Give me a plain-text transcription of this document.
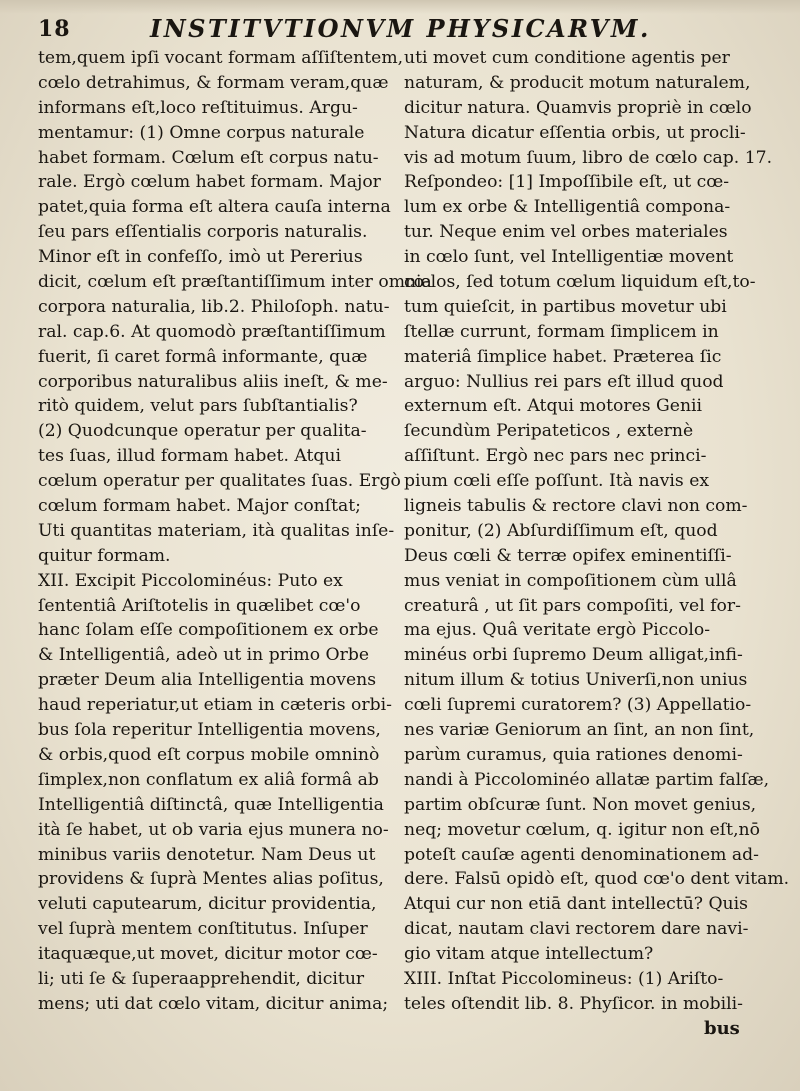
18	INSTITVTIONVM PHYSICARVM.
tem,quem ipſi vocant formam aſſiſtentem,
cœlo detrahimus, & formam veram,quæ
informans eſt,loco reſtituimus. Argu-
mentamur: (1) Omne corpus naturale
habet formam. Cœlum eſt corpus natu-
rale. Ergò cœlum habet formam. Major
patet,quia forma eſt altera cauſa interna
ſeu pars eſſentialis corporis naturalis.
Minor eſt in confeſſo, imò ut Pererius
dicit, cœlum eſt præſtantiſſimum inter omnia
corpora naturalia, lib.2. Philoſoph. natu-
ral. cap.6. At quomodò præſtantiſſimum
fuerit, ſi caret formâ informante, quæ
corporibus naturalibus aliis ineſt, & me-
ritò quidem, velut pars ſubſtantialis?
(2) Quodcunque operatur per qualita-
tes ſuas, illud formam habet. Atqui
cœlum operatur per qualitates ſuas. Ergò
cœlum formam habet. Major conſtat;
Uti quantitas materiam, ità qualitas inſe-
quitur formam.
XII. Excipit Piccolominéus: Puto ex
ſententiâ Ariſtotelis in quælibet cœ'o
hanc ſolam eſſe compoſitionem ex orbe
& Intelligentiâ, adeò ut in primo Orbe
præter Deum alia Intelligentia movens
haud reperiatur,ut etiam in cæteris orbi-
bus ſola reperitur Intelligentia movens,
& orbis,quod eſt corpus mobile omninò
ſimplex,non conflatum ex aliâ formâ ab
Intelligentiâ diſtinctâ, quæ Intelligentia
ità ſe habet, ut ob varia ejus munera no-
minibus variis denotetur. Nam Deus ut
providens & ſuprà Mentes alias poſitus,
veluti caputearum, dicitur providentia,
vel ſuprà mentem conſtitutus. Inſuper
itaquæque,ut movet, dicitur motor cœ-
li; uti ſe & ſuperaapprehendit, dicitur
mens; uti dat cœlo vitam, dicitur anima;
uti movet cum conditione agentis per
naturam, & producit motum naturalem,
dicitur natura. Quamvis propriè in cœlo
Natura dicatur eſſentia orbis, ut procli-
vis ad motum ſuum, libro de cœlo cap. 17.
Reſpondeo: [1] Impoſſibile eſt, ut cœ-
lum ex orbe & Intelligentiâ compona-
tur. Neque enim vel orbes materiales
in cœlo ſunt, vel Intelligentiæ movent
cœlos, ſed totum cœlum liquidum eſt,to-
tum quieſcit, in partibus movetur ubi
ſtellæ currunt, formam ſimplicem in
materiâ ſimplice habet. Præterea ſic
arguo: Nullius rei pars eſt illud quod
externum eſt. Atqui motores Genii
ſecundùm Peripateticos , externè
aſſiſtunt. Ergò nec pars nec princi-
pium cœli eſſe poſſunt. Ità navis ex
ligneis tabulis & rectore clavi non com-
ponitur, (2) Abſurdiſſimum eſt, quod
Deus cœli & terræ opifex eminentiſſi-
mus veniat in compoſitionem cùm ullâ
creaturâ , ut ſit pars compoſiti, vel for-
ma ejus. Quâ veritate ergò Piccolo-
minéus orbi ſupremo Deum alligat,infi-
nitum illum & totius Univerſi,non unius
cœli ſupremi curatorem? (3) Appellatio-
nes variæ Geniorum an ſint, an non ſint,
parùm curamus, quia rationes denomi-
nandi à Piccolominéo allatæ partim falſæ,
partim obſcuræ ſunt. Non movet genius,
neq; movetur cœlum, q. igitur non eſt,nō
poteſt cauſæ agenti denominationem ad-
dere. Falsū opidò eſt, quod cœ'o dent vitam.
Atqui cur non etiā dant intellectū? Quis
dicat, nautam clavi rectorem dare navi-
gio vitam atque intellectum?
XIII. Inſtat Piccolomineus: (1) Ariſto-
teles oſtendit lib. 8. Phyſicor. in mobili-
bus
